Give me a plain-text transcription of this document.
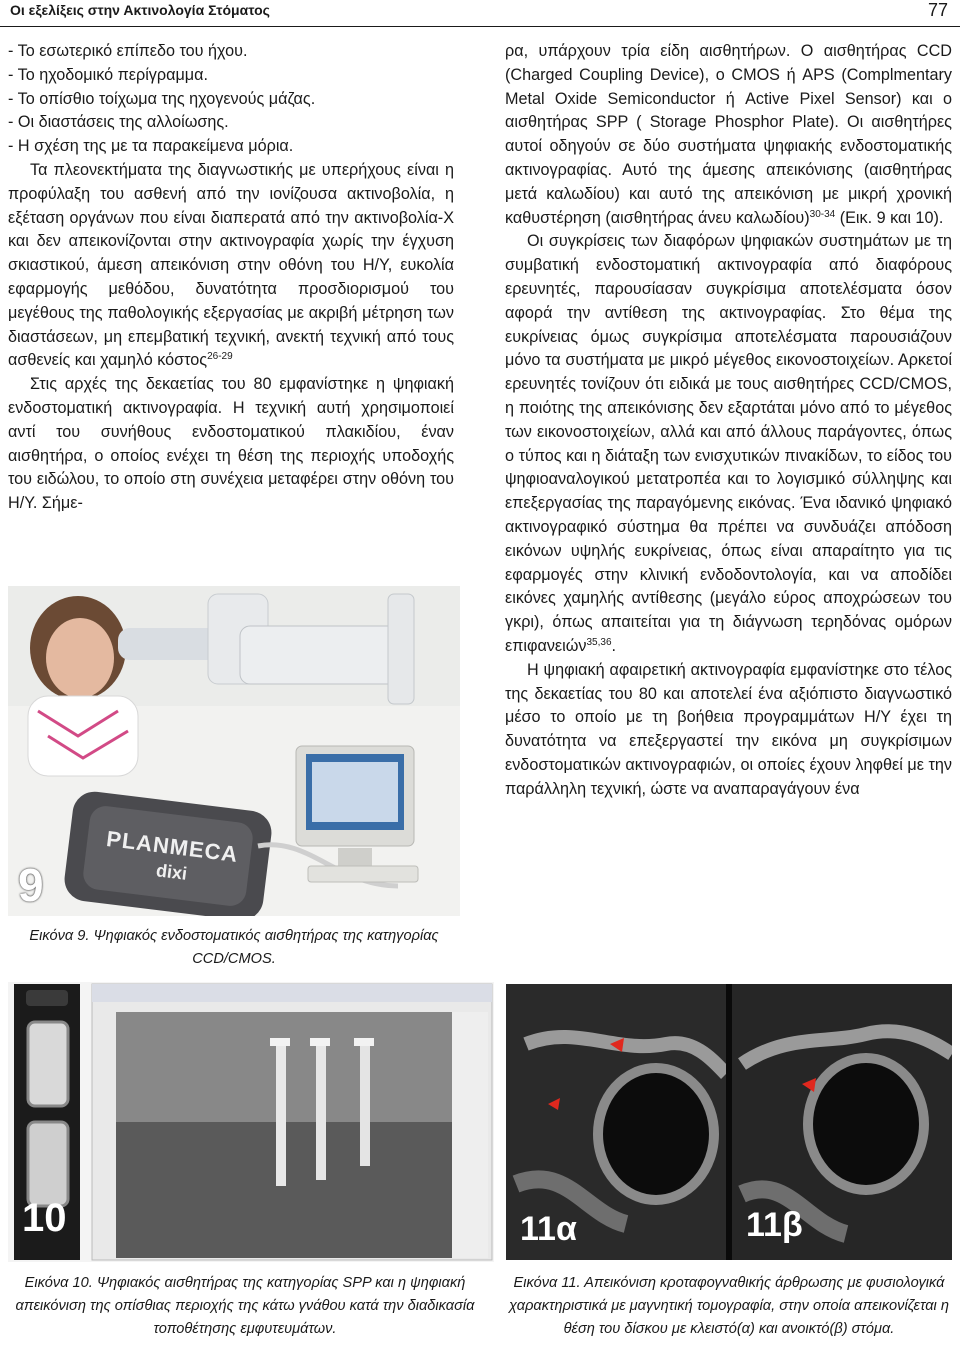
Οι εξελίξεις στην Ακτινολογία Στόματος	77
- Το εσωτερικό επίπεδο του ήχου.
- Το ηχοδομικό περίγραμμα.
- Το οπίσθιο τοίχωμα της ηχογενούς μάζας.
- Οι διαστάσεις της αλλοίωσης.
- Η σχέση της με τα παρακείμενα μόρια.

Τα πλεονεκτήματα της διαγνωστικής με υπερήχους είναι η προφύλαξη του ασθενή από την ιονίζουσα ακτινοβολία, η εξέταση οργάνων που είναι διαπερατά από την ακτινοβολία-Χ και δεν απεικονίζονται στην ακτινογραφία χωρίς την έγχυση σκιαστικού, άμεση απεικόνιση στην οθόνη του Η/Υ, ευκολία εφαρμογής μεθόδου, δυνατότητα προσδιορισμού του μεγέθους της παθολογικής εξεργασίας με ακριβή μέτρηση των διαστάσεων, μη επεμβατική τεχνική, ανεκτή τεχνική από τους ασθενείς και χαμηλό κόστος$^{26-29}$

Στις αρχές της δεκαετίας του 80 εμφανίστηκε η ψηφιακή ενδοστοματική ακτινογραφία. Η τεχνική αυτή χρησιμοποιεί αντί του συνήθους ενδοστοματικού πλακιδίου, έναν αισθητήρα, ο οποίος ενέχει τη θέση της περιοχής υποδοχής του ειδώλου, το οποίο στη συνέχεια μεταφέρει στην οθόνη του Η/Υ. Σήμε-

9
PLANMECA
dixi
Εικόνα 9. Ψηφιακός ενδοστοματικός αισθητήρας της κατηγορίας CCD/CMOS.

ρα, υπάρχουν τρία είδη αισθητήρων. Ο αισθητήρας CCD (Charged Coupling Device), ο CMOS ή APS (Complmentary Metal Oxide Semiconductor ή Active Pixel Sensor) και ο αισθητήρας SPP ( Storage Phosphor Plate). Οι αισθητήρες αυτοί οδηγούν σε δύο συστήματα ψηφιακής ενδοστοματικής ακτινογραφίας. Αυτό της άμεσης απεικόνισης (αισθητήρας μετά καλωδίου) και αυτό της απεικόνιση με μικρή χρονική καθυστέρηση (αισθητήρας άνευ καλωδίου)$^{30-34}$ (Εικ. 9 και 10).

Οι συγκρίσεις των διαφόρων ψηφιακών συστημάτων με τη συμβατική ενδοστοματική ακτινογραφία από διαφόρους ερευνητές, παρουσίασαν συγκρίσιμα αποτελέσματα όσον αφορά την αντίθεση της ακτινογραφίας. Στο θέμα της ευκρίνειας όμως συγκρίσιμα αποτελέσματα παρουσιάζουν μόνο τα συστήματα με μικρό μέγεθος εικονοστοιχείων. Αρκετοί ερευνητές τονίζουν ότι ειδικά με τους αισθητήρες CCD/CMOS, η ποιότης της απεικόνισης δεν εξαρτάται μόνο από το μέγεθος των εικονοστοιχείων, αλλά και από άλλους παράγοντες, όπως ο τύπος και η διάταξη των ενισχυτικών πινακίδων, το είδος του ψηφιοαναλογικού μετατροπέα και το λογισμικό σύλληψης και επεξεργασίας της παραγόμενης εικόνας. Ένα ιδανικό ψηφιακό ακτινογραφικό σύστημα θα πρέπει να συνδυάζει απόδοση εικόνων υψηλής ευκρίνειας, όπως είναι απαραίτητο για τις εφαρμογές στην κλινική ενδοδοντολογία, και να αποδίδει εικόνες χαμηλής αντίθεσης (μεγάλο εύρος αποχρώσεων του γκρι), όπως απαιτείται για τη διάγνωση τερηδόνας ομόρων επιφανειών$^{35,36}$.

Η ψηφιακή αφαιρετική ακτινογραφία εμφανίστηκε στο τέλος της δεκαετίας του 80 και αποτελεί ένα αξιόπιστο διαγνωστικό μέσο το οποίο με τη βοήθεια προγραμμάτων Η/Υ έχει τη δυνατότητα να επεξεργαστεί την εικόνα μη συγκρίσιμων ενδοστοματικών ακτινογραφιών, οι οποίες έχουν ληφθεί με την παράλληλη τεχνική, ώστε να αναπαραγάγουν ένα

10
Εικόνα 10. Ψηφιακός αισθητήρας της κατηγορίας SPP και η ψηφιακή απεικόνιση της οπίσθιας περιοχής της κάτω γνάθου κατά την διαδικασία τοποθέτησης εμφυτευμάτων.
11α	11β
Εικόνα 11. Απεικόνιση κροταφογναθικής άρθρωσης με φυσιολογικά χαρακτηριστικά με μαγνητική τομογραφία, στην οποία απεικονίζεται η θέση του δίσκου με κλειστό(α) και ανοικτό(β) στόμα.
